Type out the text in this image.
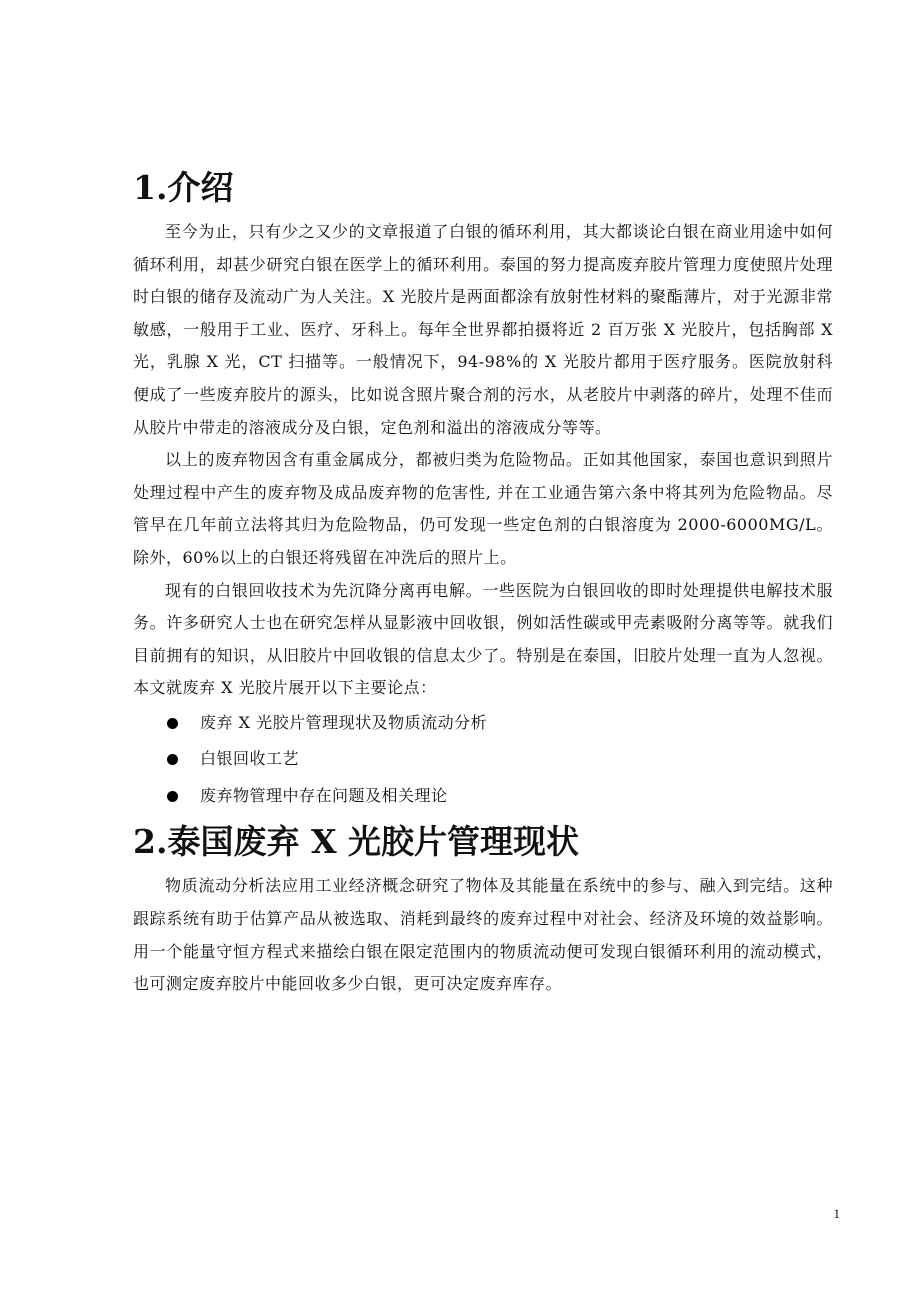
1.介绍

至今为止，只有少之又少的文章报道了白银的循环利用，其大都谈论白银在商业用途中如何循环利用，却甚少研究白银在医学上的循环利用。泰国的努力提高废弃胶片管理力度使照片处理时白银的储存及流动广为人关注。X 光胶片是两面都涂有放射性材料的聚酯薄片，对于光源非常敏感，一般用于工业、医疗、牙科上。每年全世界都拍摄将近 2 百万张 X 光胶片，包括胸部 X 光，乳腺 X 光，CT 扫描等。一般情况下，94-98%的 X 光胶片都用于医疗服务。医院放射科便成了一些废弃胶片的源头，比如说含照片聚合剂的污水，从老胶片中剥落的碎片，处理不佳而从胶片中带走的溶液成分及白银，定色剂和溢出的溶液成分等等。

以上的废弃物因含有重金属成分，都被归类为危险物品。正如其他国家，泰国也意识到照片处理过程中产生的废弃物及成品废弃物的危害性, 并在工业通告第六条中将其列为危险物品。尽管早在几年前立法将其归为危险物品，仍可发现一些定色剂的白银溶度为 2000-6000MG/L。除外，60%以上的白银还将残留在冲洗后的照片上。

现有的白银回收技术为先沉降分离再电解。一些医院为白银回收的即时处理提供电解技术服务。许多研究人士也在研究怎样从显影液中回收银，例如活性碳或甲壳素吸附分离等等。就我们目前拥有的知识，从旧胶片中回收银的信息太少了。特别是在泰国，旧胶片处理一直为人忽视。本文就废弃 X 光胶片展开以下主要论点：

废弃 X 光胶片管理现状及物质流动分析
白银回收工艺
废弃物管理中存在问题及相关理论
2.泰国废弃 X 光胶片管理现状

物质流动分析法应用工业经济概念研究了物体及其能量在系统中的参与、融入到完结。这种跟踪系统有助于估算产品从被选取、消耗到最终的废弃过程中对社会、经济及环境的效益影响。用一个能量守恒方程式来描绘白银在限定范围内的物质流动便可发现白银循环利用的流动模式，也可测定废弃胶片中能回收多少白银，更可决定废弃库存。

1
